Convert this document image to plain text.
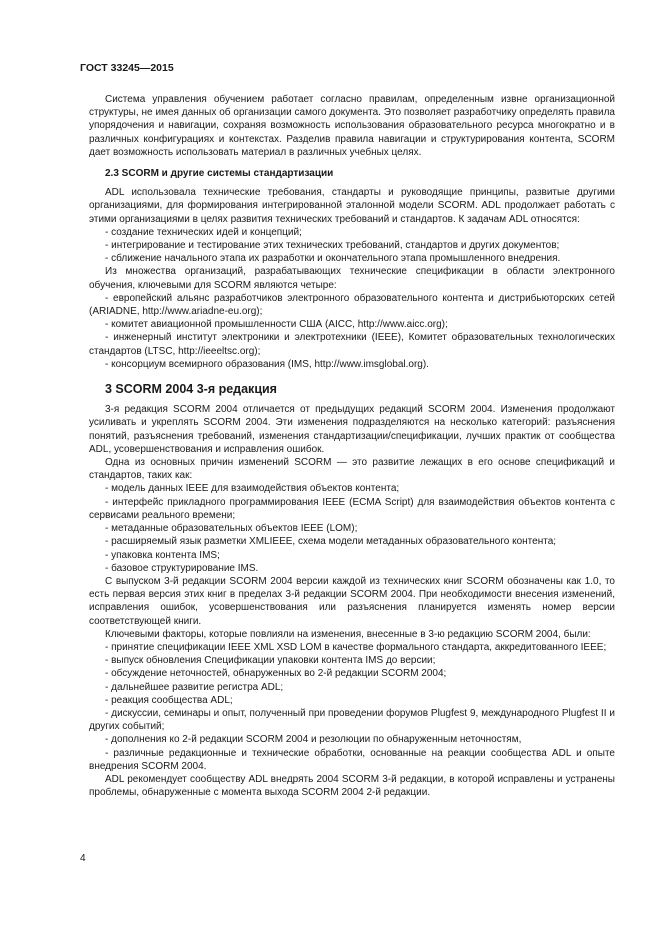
ГОСТ 33245—2015

Система управления обучением работает согласно правилам, определенным извне организационной структуры, не имея данных об организации самого документа. Это позволяет разработчику определять правила упорядочения и навигации, сохраняя возможность использования образовательного ресурса многократно и в различных конфигурациях и контекстах. Разделив правила навигации и структурирования контента, SCORM дает возможность использовать материал в различных учебных целях.

2.3 SCORM и другие системы стандартизации

ADL использовала технические требования, стандарты и руководящие принципы, развитые другими организациями, для формирования интегрированной эталонной модели SCORM. ADL продолжает работать с этими организациями в целях развития технических требований и стандартов. К задачам ADL относятся:

- создание технических идей и концепций;

- интегрирование и тестирование этих технических требований, стандартов и других документов;

- сближение начального этапа их разработки и окончательного этапа промышленного внедрения.

Из множества организаций, разрабатывающих технические спецификации в области электронного обучения, ключевыми для SCORM являются четыре:

- европейский альянс разработчиков электронного образовательного контента и дистрибьюторских сетей (ARIADNE, http://www.ariadne-eu.org);

- комитет авиационной промышленности США (AICC, http://www.aicc.org);

- инженерный институт электроники и электротехники (IEEE), Комитет образовательных технологических стандартов (LTSC, http://ieeeltsc.org);

- консорциум всемирного образования (IMS, http://www.imsglobal.org).

3 SCORM 2004 3-я редакция

3-я редакция SCORM 2004 отличается от предыдущих редакций SCORM 2004. Изменения продолжают усиливать и укреплять SCORM 2004. Эти изменения подразделяются на несколько категорий: разъяснения понятий, разъяснения требований, изменения стандартизации/спецификации, лучших практик от сообщества ADL, усовершенствования и исправления ошибок.

Одна из основных причин изменений SCORM — это развитие лежащих в его основе спецификаций и стандартов, таких как:

- модель данных IEEE для взаимодействия объектов контента;

- интерфейс прикладного программирования IEEE (ECMA Script) для взаимодействия объектов контента с сервисами реального времени;

- метаданные образовательных объектов IEEE (LOM);

- расширяемый язык разметки XMLIEEE, схема модели метаданных образовательного контента;

- упаковка контента IMS;

- базовое структурирование IMS.

С выпуском 3-й редакции SCORM 2004 версии каждой из технических книг SCORM обозначены как 1.0, то есть первая версия этих книг в пределах 3-й редакции SCORM 2004. При необходимости внесения изменений, исправления ошибок, усовершенствования или разъяснения планируется изменять номер версии соответствующей книги.

Ключевыми факторы, которые повлияли на изменения, внесенные в 3-ю редакцию SCORM 2004, были:

- принятие спецификации IEEE XML XSD LOM в качестве формального стандарта, аккредитованного IEEE;

- выпуск обновления Спецификации упаковки контента IMS до версии;

- обсуждение неточностей, обнаруженных во 2-й редакции SCORM 2004;

- дальнейшее развитие регистра ADL;

- реакция сообщества ADL;

- дискуссии, семинары и опыт, полученный при проведении форумов Plugfest 9, международного Plugfest II и других событий;

- дополнения ко 2-й редакции SCORM 2004 и резолюции по обнаруженным неточностям,

- различные редакционные и технические обработки, основанные на реакции сообщества ADL и опыте внедрения SCORM 2004.

ADL рекомендует сообществу ADL внедрять 2004 SCORM 3-й редакции, в которой исправлены и устранены проблемы, обнаруженные с момента выхода SCORM 2004 2-й редакции.

4
